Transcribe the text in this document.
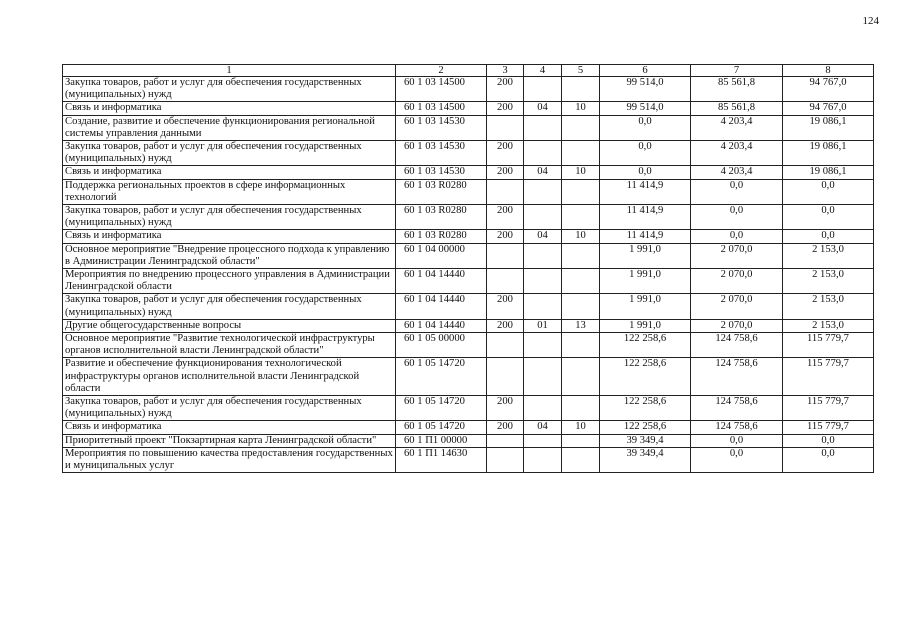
124
1	2	3	4	5	6	7	8
Закупка товаров, работ и услуг для обеспечения государственных (муниципальных) нужд	60 1 03 14500	200			99 514,0	85 561,8	94 767,0
Связь и информатика	60 1 03 14500	200	04	10	99 514,0	85 561,8	94 767,0
Создание, развитие и обеспечение функционирования региональной системы управления данными	60 1 03 14530				0,0	4 203,4	19 086,1
Закупка товаров, работ и услуг для обеспечения государственных (муниципальных) нужд	60 1 03 14530	200			0,0	4 203,4	19 086,1
Связь и информатика	60 1 03 14530	200	04	10	0,0	4 203,4	19 086,1
Поддержка региональных проектов в сфере информационных технологий	60 1 03 R0280				11 414,9	0,0	0,0
Закупка товаров, работ и услуг для обеспечения государственных (муниципальных) нужд	60 1 03 R0280	200			11 414,9	0,0	0,0
Связь и информатика	60 1 03 R0280	200	04	10	11 414,9	0,0	0,0
Основное мероприятие "Внедрение процессного подхода к управлению в Администрации Ленинградской области"	60 1 04 00000				1 991,0	2 070,0	2 153,0
Мероприятия по внедрению процессного управления в Администрации Ленинградской области	60 1 04 14440				1 991,0	2 070,0	2 153,0
Закупка товаров, работ и услуг для обеспечения государственных (муниципальных) нужд	60 1 04 14440	200			1 991,0	2 070,0	2 153,0
Другие общегосударственные вопросы	60 1 04 14440	200	01	13	1 991,0	2 070,0	2 153,0
Основное мероприятие "Развитие технологической инфраструктуры органов исполнительной власти Ленинградской области"	60 1 05 00000				122 258,6	124 758,6	115 779,7
Развитие и обеспечение функционирования технологической инфраструктуры органов исполнительной власти Ленинградской области	60 1 05 14720				122 258,6	124 758,6	115 779,7
Закупка товаров, работ и услуг для обеспечения государственных (муниципальных) нужд	60 1 05 14720	200			122 258,6	124 758,6	115 779,7
Связь и информатика	60 1 05 14720	200	04	10	122 258,6	124 758,6	115 779,7
Приоритетный проект "Покзартирная карта Ленинградской области"	60 1 П1 00000				39 349,4	0,0	0,0
Мероприятия по повышению качества предоставления государственных и муниципальных услуг	60 1 П1 14630				39 349,4	0,0	0,0
